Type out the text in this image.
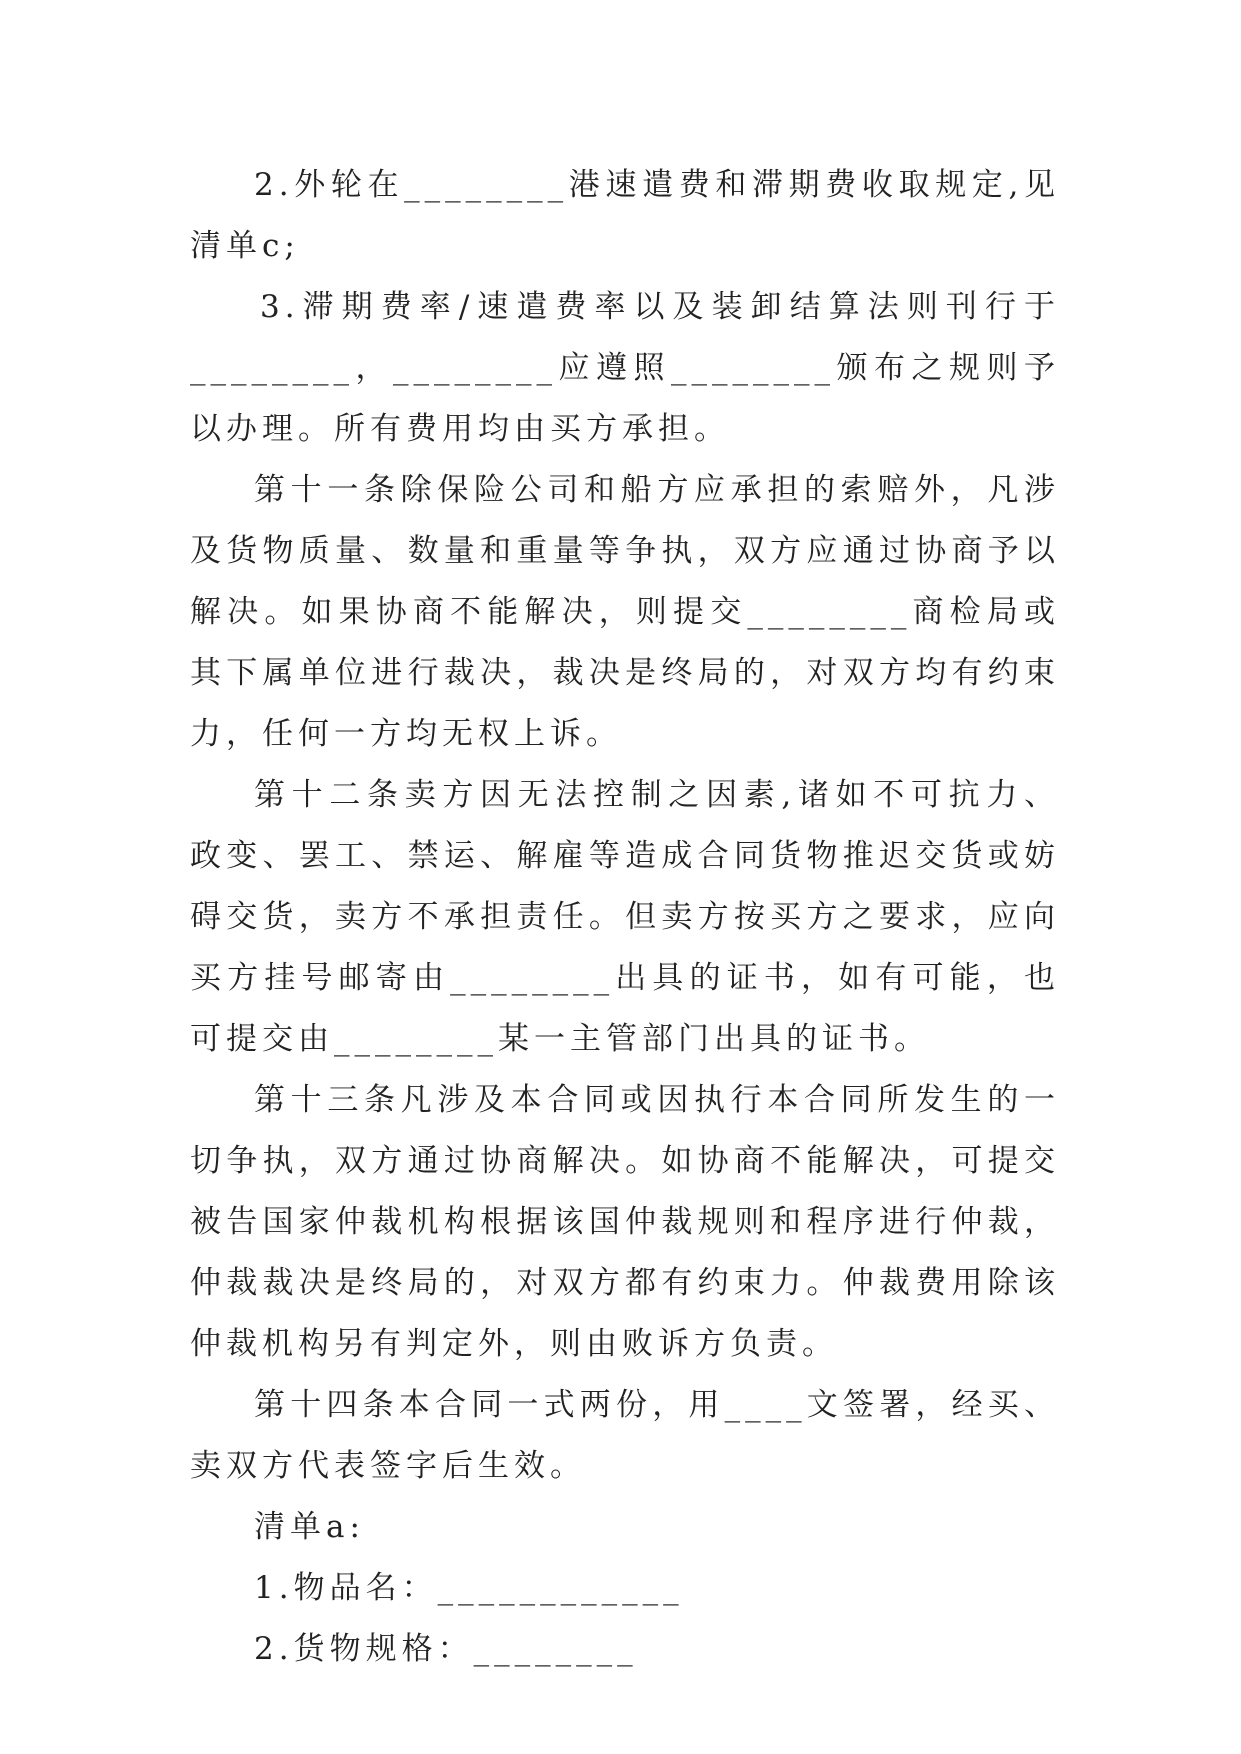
2.外轮在________港速遣费和滞期费收取规定,见清单c;

3.滞期费率/速遣费率以及装卸结算法则刊行于________，________应遵照________颁布之规则予以办理。所有费用均由买方承担。

第十一条除保险公司和船方应承担的索赔外，凡涉及货物质量、数量和重量等争执，双方应通过协商予以解决。如果协商不能解决，则提交________商检局或其下属单位进行裁决，裁决是终局的，对双方均有约束力，任何一方均无权上诉。

第十二条卖方因无法控制之因素,诸如不可抗力、政变、罢工、禁运、解雇等造成合同货物推迟交货或妨碍交货，卖方不承担责任。但卖方按买方之要求，应向买方挂号邮寄由________出具的证书，如有可能，也可提交由________某一主管部门出具的证书。

第十三条凡涉及本合同或因执行本合同所发生的一切争执，双方通过协商解决。如协商不能解决，可提交被告国家仲裁机构根据该国仲裁规则和程序进行仲裁，仲裁裁决是终局的，对双方都有约束力。仲裁费用除该仲裁机构另有判定外，则由败诉方负责。

第十四条本合同一式两份，用____文签署，经买、卖双方代表签字后生效。

清单a:

1.物品名：____________

2.货物规格：________
